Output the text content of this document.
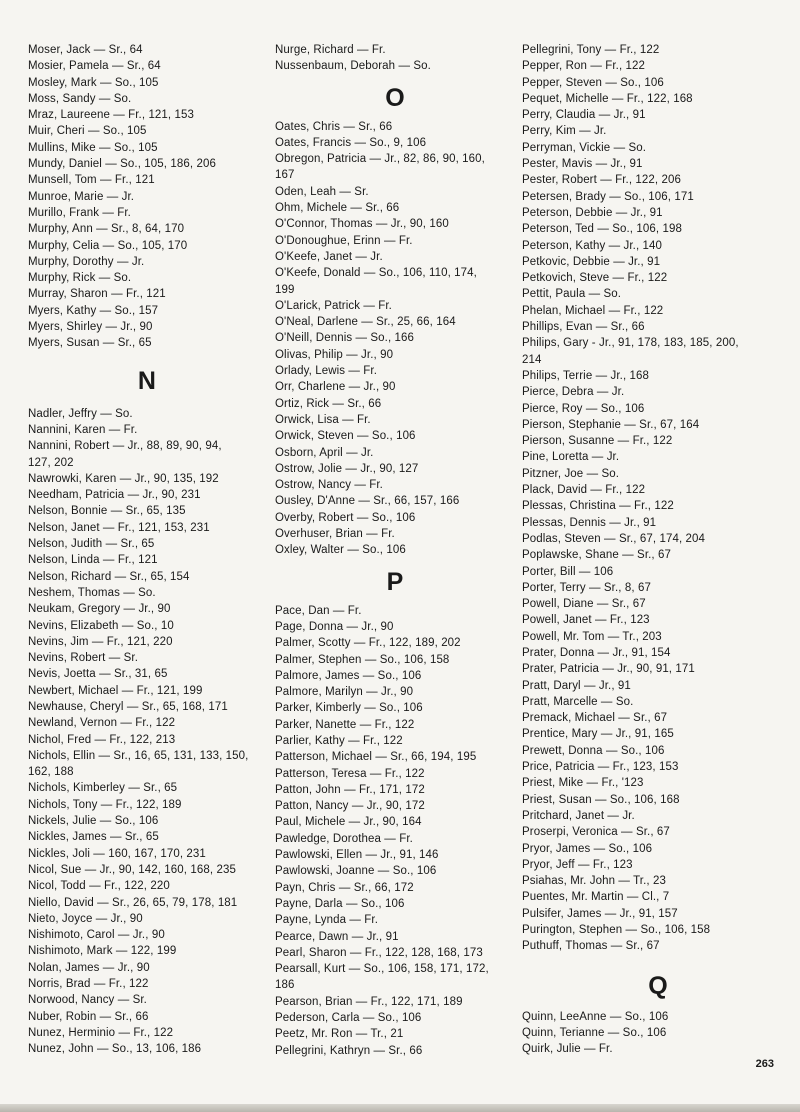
Moser, Jack — Sr., 64
Mosier, Pamela — Sr., 64
Mosley, Mark — So., 105
Moss, Sandy — So.
Mraz, Laureene — Fr., 121, 153
Muir, Cheri — So., 105
Mullins, Mike — So., 105
Mundy, Daniel — So., 105, 186, 206
Munsell, Tom — Fr., 121
Munroe, Marie — Jr.
Murillo, Frank — Fr.
Murphy, Ann — Sr., 8, 64, 170
Murphy, Celia — So., 105, 170
Murphy, Dorothy — Jr.
Murphy, Rick — So.
Murray, Sharon — Fr., 121
Myers, Kathy — So., 157
Myers, Shirley — Jr., 90
Myers, Susan — Sr., 65
N
Nadler, Jeffry — So.
Nannini, Karen — Fr.
Nannini, Robert — Jr., 88, 89, 90, 94,
127, 202
Nawrowki, Karen — Jr., 90, 135, 192
Needham, Patricia — Jr., 90, 231
Nelson, Bonnie — Sr., 65, 135
Nelson, Janet — Fr., 121, 153, 231
Nelson, Judith — Sr., 65
Nelson, Linda — Fr., 121
Nelson, Richard — Sr., 65, 154
Neshem, Thomas — So.
Neukam, Gregory — Jr., 90
Nevins, Elizabeth — So., 10
Nevins, Jim — Fr., 121, 220
Nevins, Robert — Sr.
Nevis, Joetta — Sr., 31, 65
Newbert, Michael — Fr., 121, 199
Newhause, Cheryl — Sr., 65, 168, 171
Newland, Vernon — Fr., 122
Nichol, Fred — Fr., 122, 213
Nichols, Ellin — Sr., 16, 65, 131, 133, 150,
162, 188
Nichols, Kimberley — Sr., 65
Nichols, Tony — Fr., 122, 189
Nickels, Julie — So., 106
Nickles, James — Sr., 65
Nickles, Joli — 160, 167, 170, 231
Nicol, Sue — Jr., 90, 142, 160, 168, 235
Nicol, Todd — Fr., 122, 220
Niello, David — Sr., 26, 65, 79, 178, 181
Nieto, Joyce — Jr., 90
Nishimoto, Carol — Jr., 90
Nishimoto, Mark — 122, 199
Nolan, James — Jr., 90
Norris, Brad — Fr., 122
Norwood, Nancy — Sr.
Nuber, Robin — Sr., 66
Nunez, Herminio — Fr., 122
Nunez, John — So., 13, 106, 186
Nurge, Richard — Fr.
Nussenbaum, Deborah — So.
O
Oates, Chris — Sr., 66
Oates, Francis — So., 9, 106
Obregon, Patricia — Jr., 82, 86, 90, 160,
167
Oden, Leah — Sr.
Ohm, Michele — Sr., 66
O'Connor, Thomas — Jr., 90, 160
O'Donoughue, Erinn — Fr.
O'Keefe, Janet — Jr.
O'Keefe, Donald — So., 106, 110, 174,
199
O'Larick, Patrick — Fr.
O'Neal, Darlene — Sr., 25, 66, 164
O'Neill, Dennis — So., 166
Olivas, Philip — Jr., 90
Orlady, Lewis — Fr.
Orr, Charlene — Jr., 90
Ortiz, Rick — Sr., 66
Orwick, Lisa — Fr.
Orwick, Steven — So., 106
Osborn, April — Jr.
Ostrow, Jolie — Jr., 90, 127
Ostrow, Nancy — Fr.
Ousley, D'Anne — Sr., 66, 157, 166
Overby, Robert — So., 106
Overhuser, Brian — Fr.
Oxley, Walter — So., 106
P
Pace, Dan — Fr.
Page, Donna — Jr., 90
Palmer, Scotty — Fr., 122, 189, 202
Palmer, Stephen — So., 106, 158
Palmore, James — So., 106
Palmore, Marilyn — Jr., 90
Parker, Kimberly — So., 106
Parker, Nanette — Fr., 122
Parlier, Kathy — Fr., 122
Patterson, Michael — Sr., 66, 194, 195
Patterson, Teresa — Fr., 122
Patton, John — Fr., 171, 172
Patton, Nancy — Jr., 90, 172
Paul, Michele — Jr., 90, 164
Pawledge, Dorothea — Fr.
Pawlowski, Ellen — Jr., 91, 146
Pawlowski, Joanne — So., 106
Payn, Chris — Sr., 66, 172
Payne, Darla — So., 106
Payne, Lynda — Fr.
Pearce, Dawn — Jr., 91
Pearl, Sharon — Fr., 122, 128, 168, 173
Pearsall, Kurt — So., 106, 158, 171, 172,
186
Pearson, Brian — Fr., 122, 171, 189
Pederson, Carla — So., 106
Peetz, Mr. Ron — Tr., 21
Pellegrini, Kathryn — Sr., 66
Pellegrini, Tony — Fr., 122
Pepper, Ron — Fr., 122
Pepper, Steven — So., 106
Pequet, Michelle — Fr., 122, 168
Perry, Claudia — Jr., 91
Perry, Kim — Jr.
Perryman, Vickie — So.
Pester, Mavis — Jr., 91
Pester, Robert — Fr., 122, 206
Petersen, Brady — So., 106, 171
Peterson, Debbie — Jr., 91
Peterson, Ted — So., 106, 198
Peterson, Kathy — Jr., 140
Petkovic, Debbie — Jr., 91
Petkovich, Steve — Fr., 122
Pettit, Paula — So.
Phelan, Michael — Fr., 122
Phillips, Evan — Sr., 66
Philips, Gary - Jr., 91, 178, 183, 185, 200,
214
Philips, Terrie — Jr., 168
Pierce, Debra — Jr.
Pierce, Roy — So., 106
Pierson, Stephanie — Sr., 67, 164
Pierson, Susanne — Fr., 122
Pine, Loretta — Jr.
Pitzner, Joe — So.
Plack, David — Fr., 122
Plessas, Christina — Fr., 122
Plessas, Dennis — Jr., 91
Podlas, Steven — Sr., 67, 174, 204
Poplawske, Shane — Sr., 67
Porter, Bill — 106
Porter, Terry — Sr., 8, 67
Powell, Diane — Sr., 67
Powell, Janet — Fr., 123
Powell, Mr. Tom — Tr., 203
Prater, Donna — Jr., 91, 154
Prater, Patricia — Jr., 90, 91, 171
Pratt, Daryl — Jr., 91
Pratt, Marcelle — So.
Premack, Michael — Sr., 67
Prentice, Mary — Jr., 91, 165
Prewett, Donna — So., 106
Price, Patricia — Fr., 123, 153
Priest, Mike — Fr., '123
Priest, Susan — So., 106, 168
Pritchard, Janet — Jr.
Proserpi, Veronica — Sr., 67
Pryor, James — So., 106
Pryor, Jeff — Fr., 123
Psiahas, Mr. John — Tr., 23
Puentes, Mr. Martin — Cl., 7
Pulsifer, James — Jr., 91, 157
Purington, Stephen — So., 106, 158
Puthuff, Thomas — Sr., 67
Q
Quinn, LeeAnne — So., 106
Quinn, Terianne — So., 106
Quirk, Julie — Fr.
263
